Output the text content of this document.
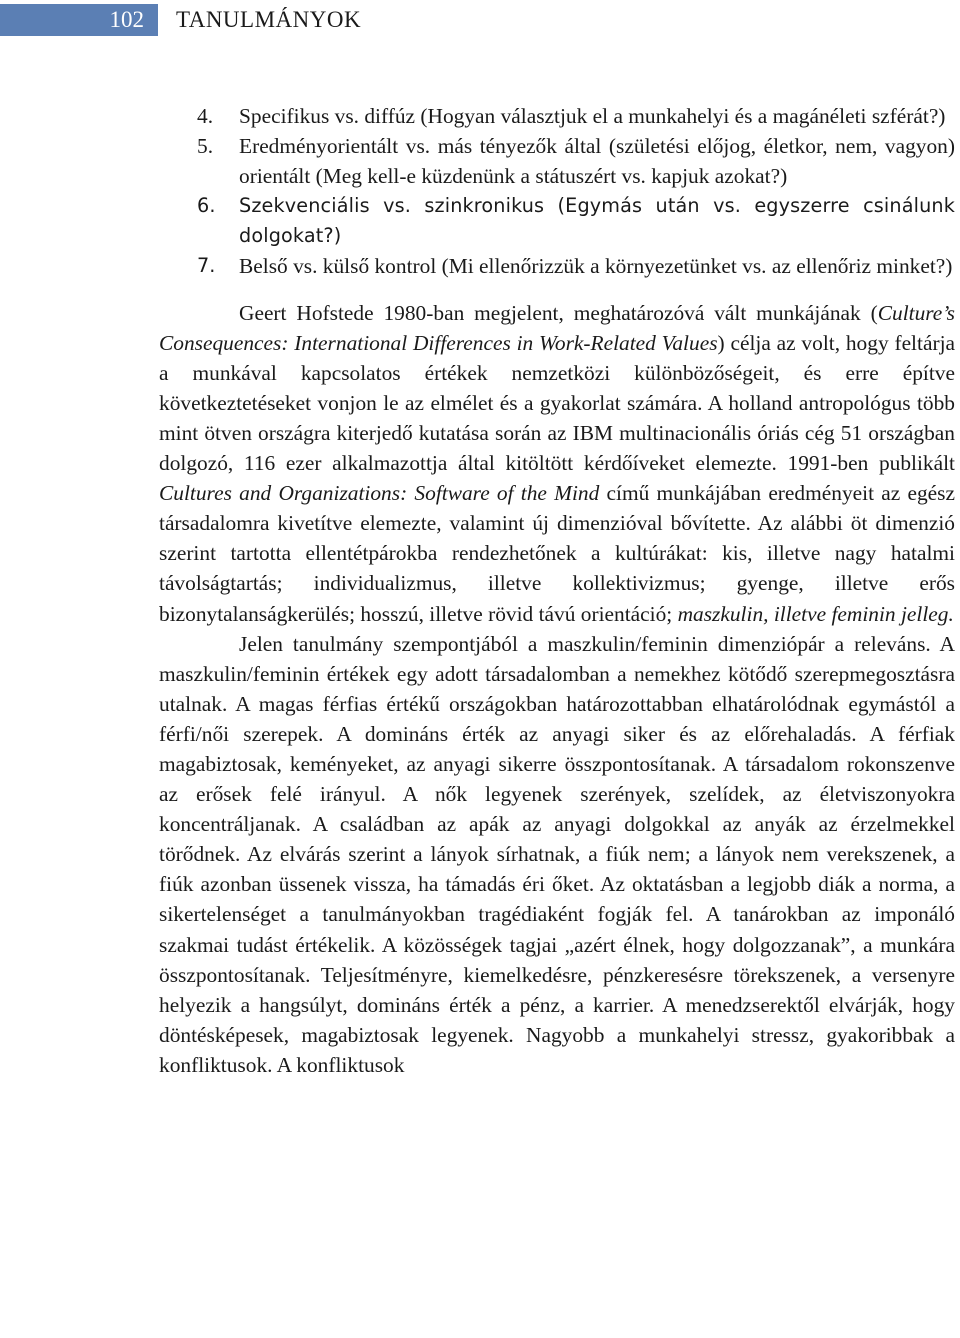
102	TANULMÁNYOK
4. Specifikus vs. diffúz (Hogyan választjuk el a munkahelyi és a magánéleti szférát?)
5. Eredményorientált vs. más tényezők által (születési előjog, életkor, nem, vagyon) orientált (Meg kell-e küzdenünk a státuszért vs. kapjuk azokat?)
6. Szekvenciális vs. szinkronikus (Egymás után vs. egyszerre csinálunk dolgokat?)
7. Belső vs. külső kontrol (Mi ellenőrizzük a környezetünket vs. az ellenőriz minket?)

Geert Hofstede 1980-ban megjelent, meghatározóvá vált munkájának (Culture’s Consequences: International Differences in Work-Related Values) célja az volt, hogy feltárja a munkával kapcsolatos értékek nemzetközi különbözőségeit, és erre építve következtetéseket vonjon le az elmélet és a gyakorlat számára. A holland antropológus több mint ötven országra kiterjedő kutatása során az IBM multinacionális óriás cég 51 országban dolgozó, 116 ezer alkalmazottja által kitöltött kérdőíveket elemezte. 1991-ben publikált Cultures and Organizations: Software of the Mind című munkájában eredményeit az egész társadalomra kivetítve elemezte, valamint új dimenzióval bővítette. Az alábbi öt dimenzió szerint tartotta ellentétpárokba rendezhetőnek a kultúrákat: kis, illetve nagy hatalmi távolságtartás; individualizmus, illetve kollektivizmus; gyenge, illetve erős bizonytalanságkerülés; hosszú, illetve rövid távú orientáció; maszkulin, illetve feminin jelleg.

Jelen tanulmány szempontjából a maszkulin/feminin dimenziópár a releváns. A maszkulin/feminin értékek egy adott társadalomban a nemekhez kötődő szerepmegosztásra utalnak. A magas férfias értékű országokban határozottabban elhatárolódnak egymástól a férfi/női szerepek. A domináns érték az anyagi siker és az előrehaladás. A férfiak magabiztosak, keményeket, az anyagi sikerre összpontosítanak. A társadalom rokonszenve az erősek felé irányul. A nők legyenek szerények, szelídek, az életviszonyokra koncentráljanak. A családban az apák az anyagi dolgokkal az anyák az érzelmekkel törődnek. Az elvárás szerint a lányok sírhatnak, a fiúk nem; a lányok nem verekszenek, a fiúk azonban üssenek vissza, ha támadás éri őket. Az oktatásban a legjobb diák a norma, a sikertelenséget a tanulmányokban tragédiaként fogják fel. A tanárokban az imponáló szakmai tudást értékelik. A közösségek tagjai „azért élnek, hogy dolgozzanak”, a munkára összpontosítanak. Teljesítményre, kiemelkedésre, pénzkeresésre törekszenek, a versenyre helyezik a hangsúlyt, domináns érték a pénz, a karrier. A menedzserektől elvárják, hogy döntésképesek, magabiztosak legyenek. Nagyobb a munkahelyi stressz, gyakoribbak a konfliktusok. A konfliktusok
